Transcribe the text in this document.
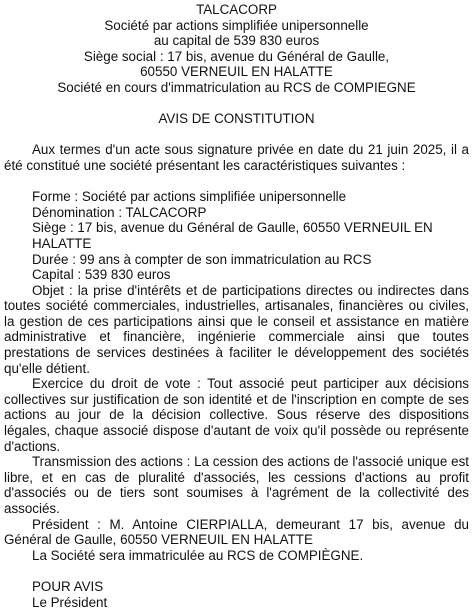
TALCACORP
Société par actions simplifiée unipersonnelle
au capital de 539 830 euros
Siège social : 17 bis, avenue du Général de Gaulle,
60550 VERNEUIL EN HALATTE
Société en cours d'immatriculation au RCS de COMPIEGNE
AVIS DE CONSTITUTION

Aux termes d'un acte sous signature privée en date du 21 juin 2025, il a été constitué une société présentant les caractéristiques suivantes :

Forme : Société par actions simplifiée unipersonnelle
Dénomination : TALCACORP
Siège : 17 bis, avenue du Général de Gaulle, 60550 VERNEUIL EN HALATTE
Durée : 99 ans à compter de son immatriculation au RCS
Capital : 539 830 euros

Objet : la prise d'intérêts et de participations directes ou indirectes dans toutes société commerciales, industrielles, artisanales, financières ou civiles, la gestion de ces participations ainsi que le conseil et assistance en matière administrative et financière, ingénierie commerciale ainsi que toutes prestations de services destinées à faciliter le développement des sociétés qu'elle détient.

Exercice du droit de vote : Tout associé peut participer aux décisions collectives sur justification de son identité et de l'inscription en compte de ses actions au jour de la décision collective. Sous réserve des dispositions légales, chaque associé dispose d'autant de voix qu'il possède ou représente d'actions.

Transmission des actions : La cession des actions de l'associé unique est libre, et en cas de pluralité d'associés, les cessions d'actions au profit d'associés ou de tiers sont soumises à l'agrément de la collectivité des associés.

Président : M. Antoine CIERPIALLA, demeurant 17 bis, avenue du Général de Gaulle, 60550 VERNEUIL EN HALATTE

La Société sera immatriculée au RCS de COMPIÈGNE.
POUR AVIS
Le Président
